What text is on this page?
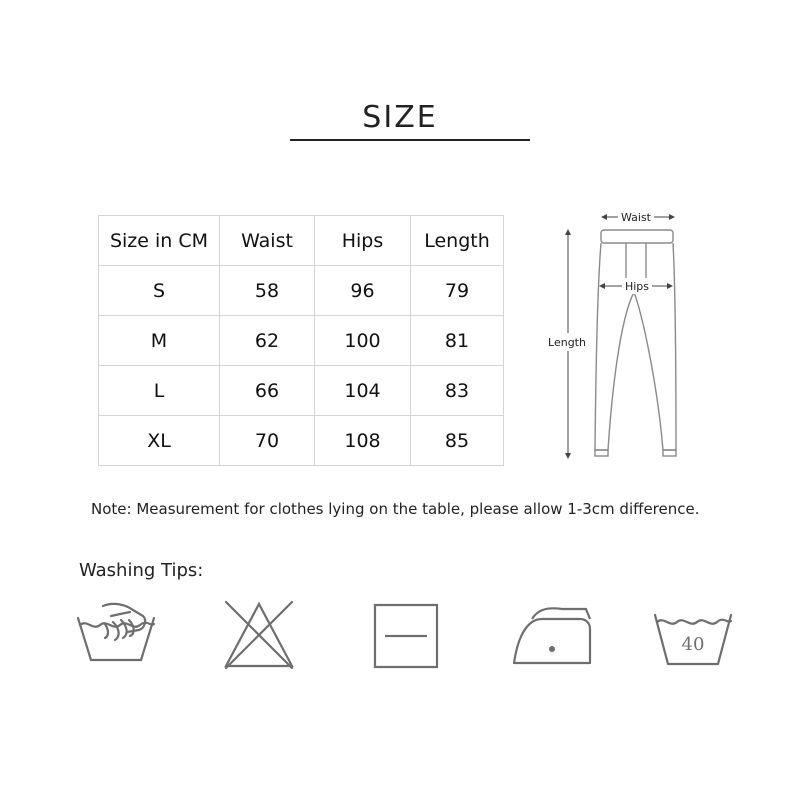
SIZE
Size in CM	Waist	Hips	Length
S	58	96	79
M	62	100	81
L	66	104	83
XL	70	108	85
Waist
Hips
Length
Note: Measurement for clothes lying on the table, please allow 1-3cm difference.
Washing Tips:
40
